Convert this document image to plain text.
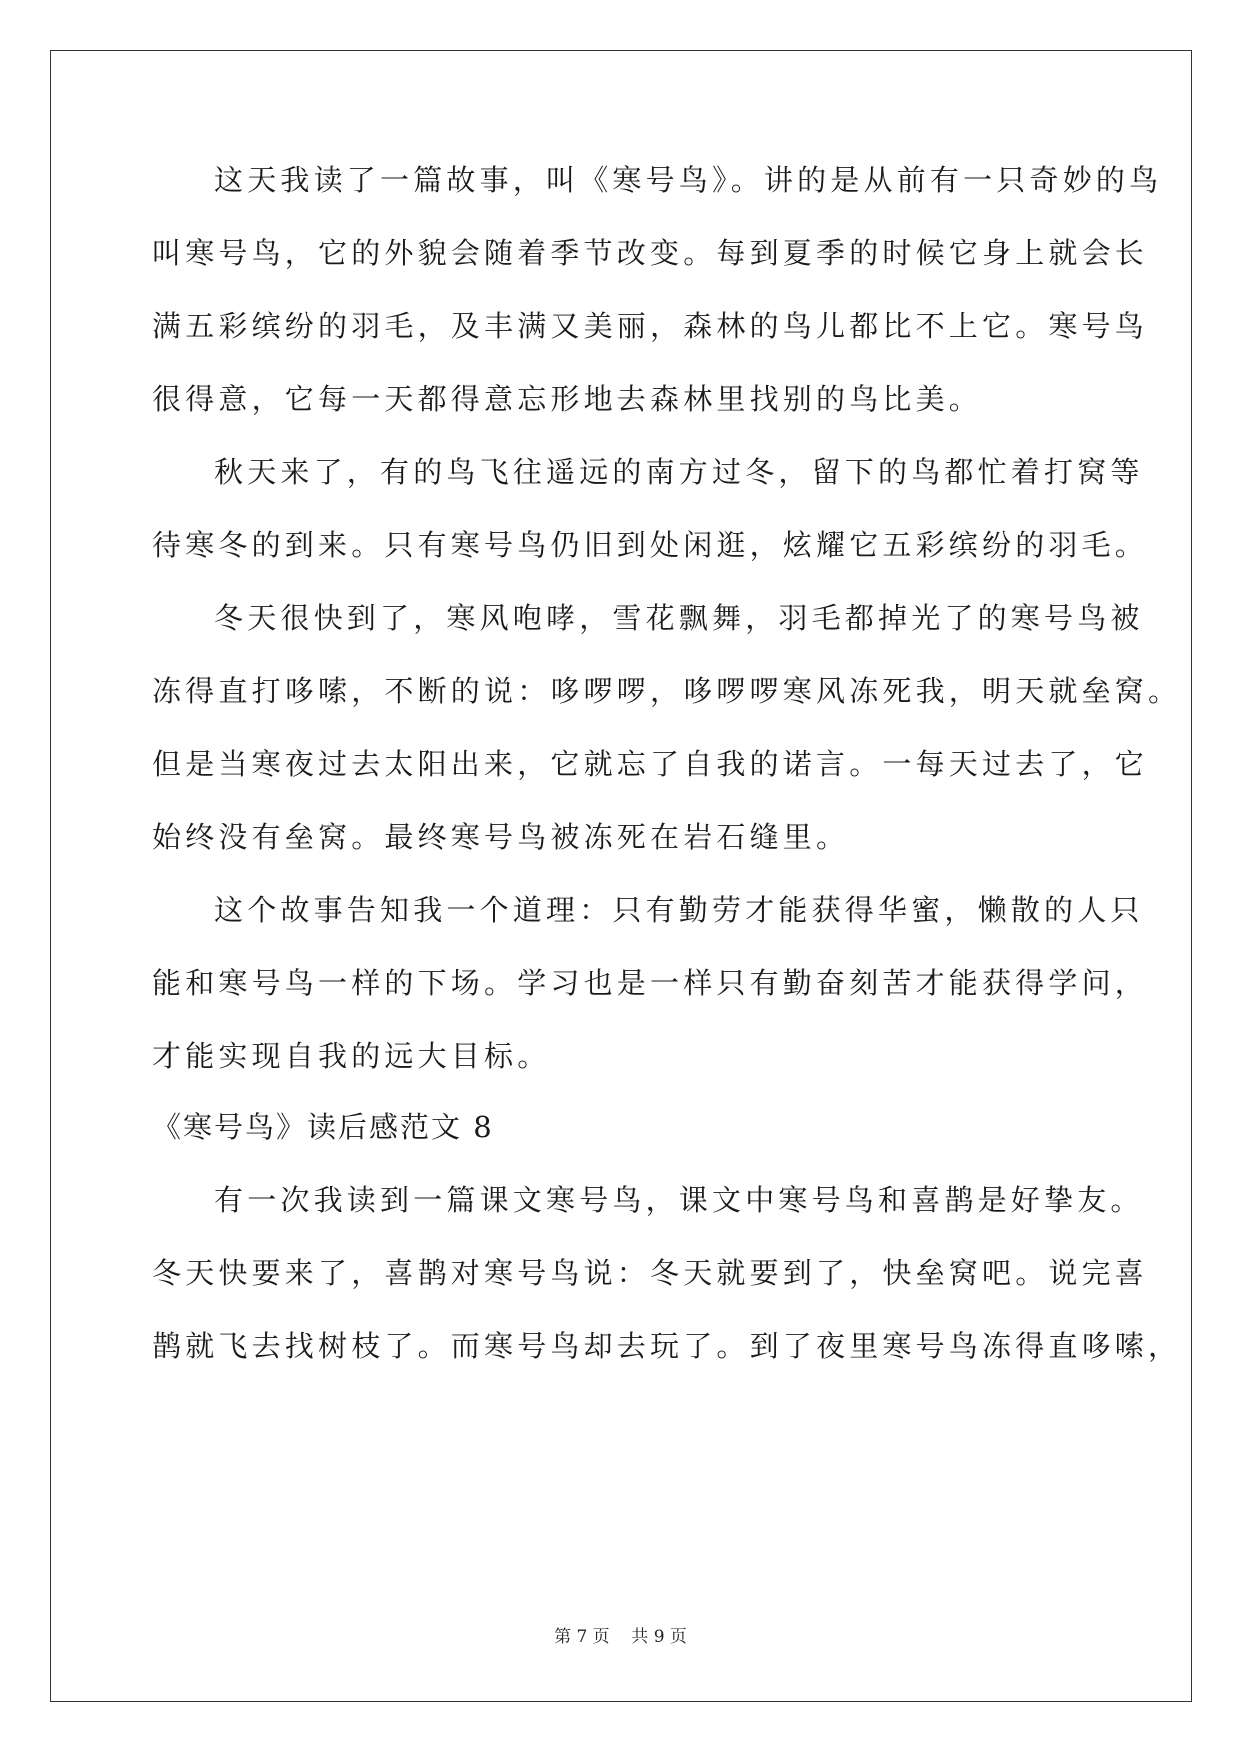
这天我读了一篇故事，叫《寒号鸟》。讲的是从前有一只奇妙的鸟
叫寒号鸟，它的外貌会随着季节改变。每到夏季的时候它身上就会长
满五彩缤纷的羽毛，及丰满又美丽，森林的鸟儿都比不上它。寒号鸟
很得意，它每一天都得意忘形地去森林里找别的鸟比美。
秋天来了，有的鸟飞往遥远的南方过冬，留下的鸟都忙着打窝等
待寒冬的到来。只有寒号鸟仍旧到处闲逛，炫耀它五彩缤纷的羽毛。
冬天很快到了，寒风咆哮，雪花飘舞，羽毛都掉光了的寒号鸟被
冻得直打哆嗦，不断的说：哆啰啰，哆啰啰寒风冻死我，明天就垒窝。
但是当寒夜过去太阳出来，它就忘了自我的诺言。一每天过去了，它
始终没有垒窝。最终寒号鸟被冻死在岩石缝里。
这个故事告知我一个道理：只有勤劳才能获得华蜜，懒散的人只
能和寒号鸟一样的下场。学习也是一样只有勤奋刻苦才能获得学问，
才能实现自我的远大目标。
《寒号鸟》读后感范文 8
有一次我读到一篇课文寒号鸟，课文中寒号鸟和喜鹊是好挚友。
冬天快要来了，喜鹊对寒号鸟说：冬天就要到了，快垒窝吧。说完喜
鹊就飞去找树枝了。而寒号鸟却去玩了。到了夜里寒号鸟冻得直哆嗦，
第 7 页    共 9 页
